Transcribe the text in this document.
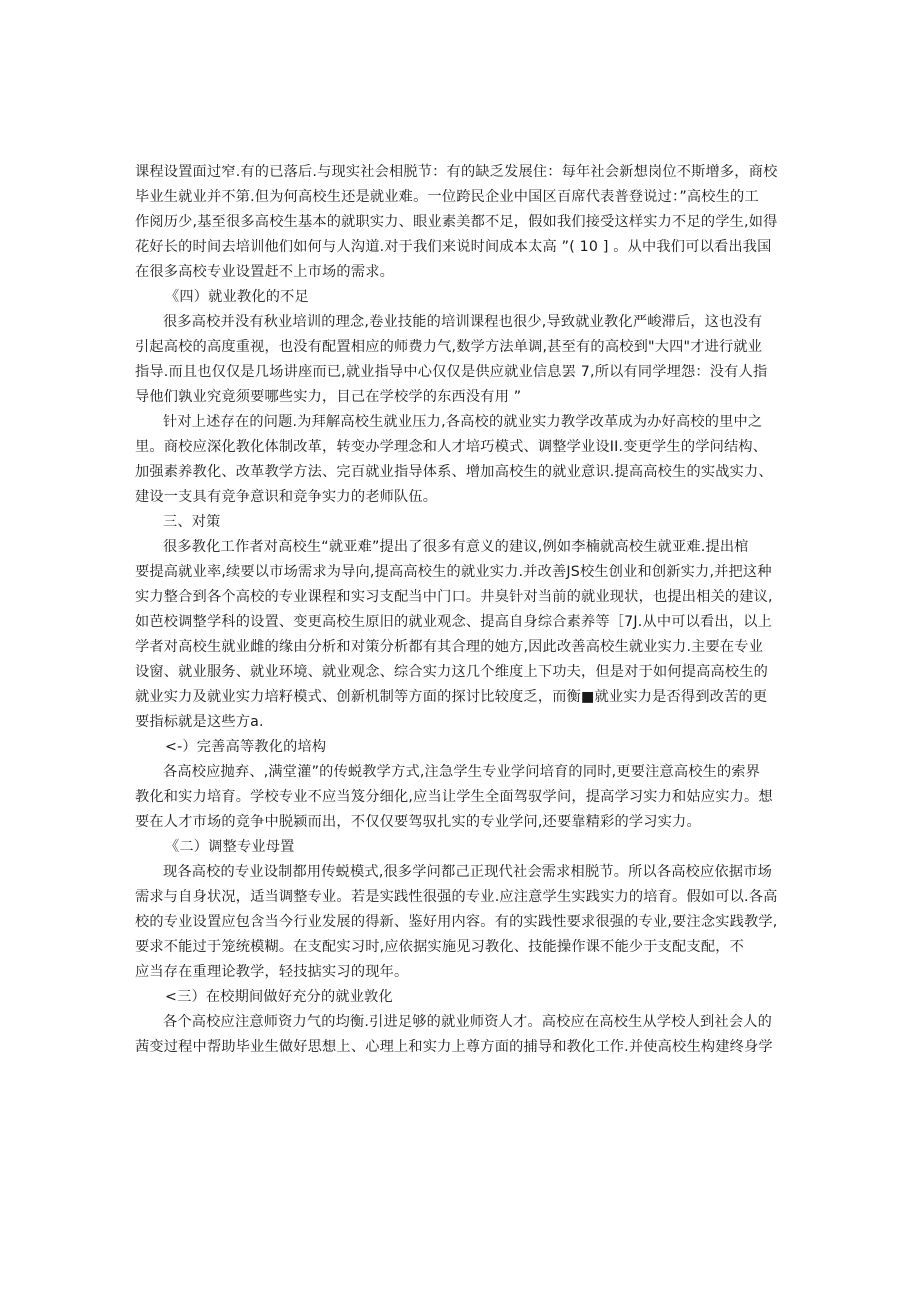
课程设置面过窄.有的已落后.与现实社会相脱节：有的缺乏发展住：每年社会新想岗位不斯增多，商校
毕业生就业并不第.但为何高校生还是就业难。一位跨民企业中国区百席代表普登说过：”高校生的工
作阅历少,基至很多高校生基本的就职实力、眼业素美都不足，假如我们接受这样实力不足的学生,如得
花好长的时间去培训他们如何与人沟道.对于我们来说时间成本太高 ”( 10 ] 。从中我们可以看出我国
在很多高校专业设置赶不上市场的需求。
《四）就业教化的不足
很多高校并没有秋业培训的理念,卷业技能的培训课程也很少,导致就业教化严峻滞后，这也没有
引起高校的高度重视，也没有配置相应的师费力气,数学方法单调,甚至有的高校到"大四"才进行就业
指导.而且也仅仅是几场讲座而已,就业指导中心仅仅是供应就业信息罢 7,所以有同学埋怨：没有人指
导他们孰业究竟须要哪些实力，目己在学校学的东西没有用 ”
针对上述存在的问题.为拜解高校生就业压力,各高校的就业实力教学改革成为办好高校的里中之
里。商校应深化教化体制改革，转变办学理念和人才培巧模式、调整学业设II.变更学生的学问结构、
加强素养教化、改革教学方法、完百就业指导体系、增加高校生的就业意识.提高高校生的实战实力、
建设一支具有竞争意识和竞争实力的老师队伍。
三、对策
很多教化工作者对高校生“就亚难”提出了很多有意义的建议,例如李楠就高校生就亚难.提出棺
要提高就业率,续要以市场需求为导向,提高高校生的就业实力.并改善JS校生创业和创新实力,并把这种
实力整合到各个高校的专业课程和实习支配当中门口。井臭针对当前的就业现状，也提出相关的建议,
如芭校调整学科的设置、变更高校生原旧的就业观念、提高自身综合素养等［7J.从中可以看出，以上
学者对高校生就业雌的缘由分析和对策分析都有其合理的她方,因此改善高校生就业实力.主要在专业
设窗、就业服务、就业环境、就业观念、综合实力这几个维度上下功夫，但是对于如何提高高校生的
就业实力及就业实力培籽模式、创新机制等方面的探讨比较度乏，而衡■就业实力是否得到改苦的更
要指标就是这些方a.
<-）完善高等教化的培构
各高校应抛弃、,满堂灌”的传蜕教学方式,注急学生专业学问培育的同时,更要注意高校生的索界
教化和实力培育。学校专业不应当笈分细化,应当让学生全面驾驭学问，提高学习实力和姑应实力。想
要在人才市场的竞争中脱颍而出，不仅仅要驾驭扎实的专业学问,还要靠精彩的学习实力。
《二）调整专业母置
现各高校的专业设制都用传蜕模式,很多学问都己正现代社会需求相脱节。所以各高校应依据市场
需求与自身状况，适当调整专业。若是实践性很强的专业.应注意学生实践实力的培育。假如可以.各高
校的专业设置应包含当今行业发展的得新、鉴好用内容。有的实践性要求很强的专业,要注念实践教学,
要求不能过于笼统模糊。在支配实习时,应依据实施见习教化、技能操作课不能少于支配支配，不
应当存在重理论教学，轻技掂实习的现年。
<三）在校期间做好充分的就业敦化
各个高校应注意师资力气的均衡.引进足够的就业师资人才。高校应在高校生从学校人到社会人的
茜变过程中帮助毕业生做好思想上、心理上和实力上尊方面的捕导和教化工作.并使高校生构建终身学
